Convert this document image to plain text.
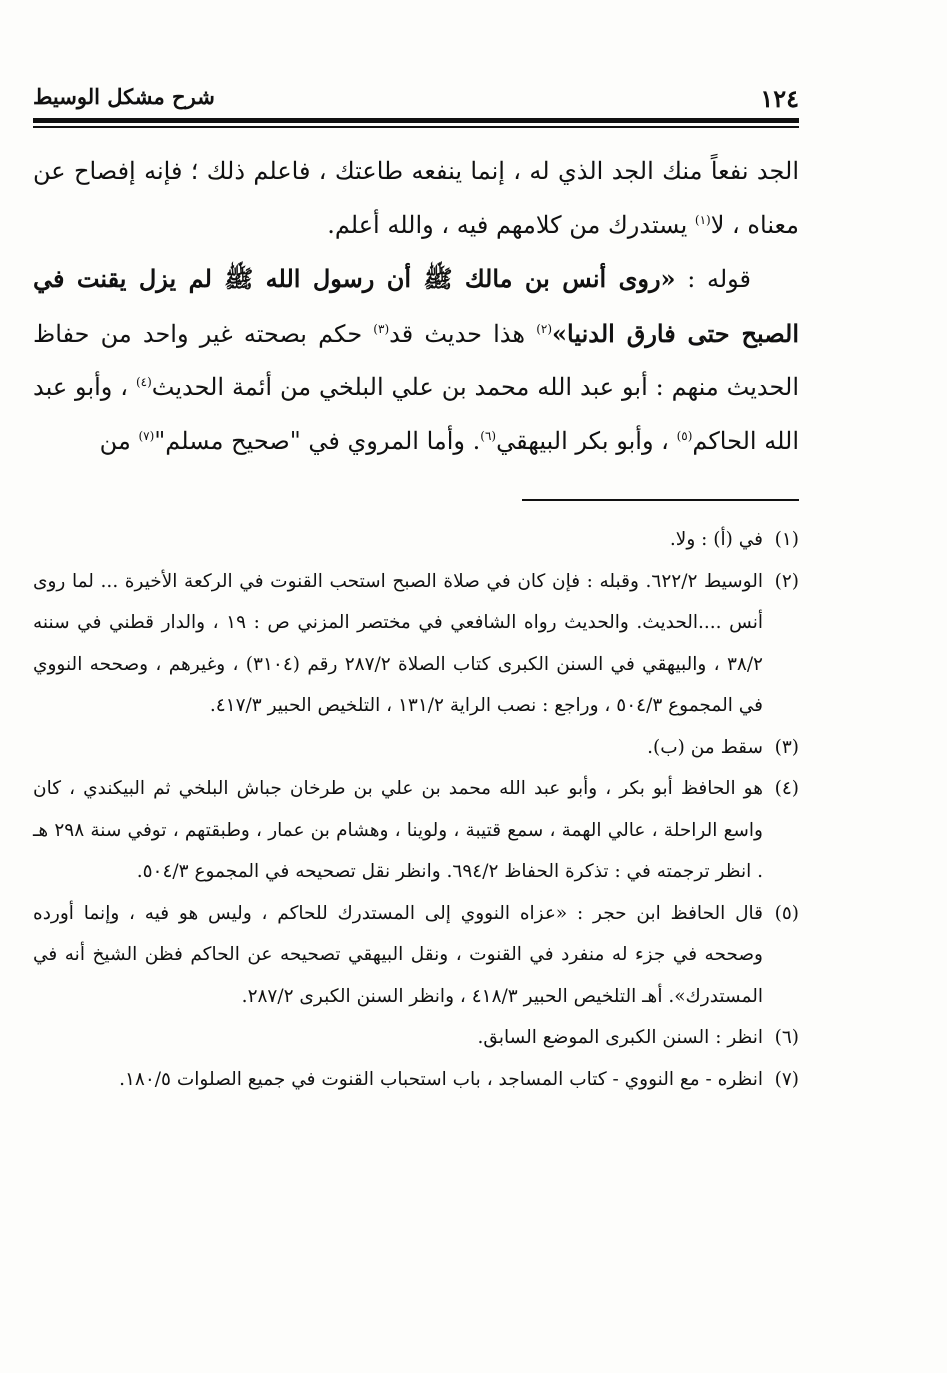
١٢٤
شرح مشكل الوسيط

الجد نفعاً منك الجد الذي له ، إنما ينفعه طاعتك ، فاعلم ذلك ؛ فإنه إفصاح عن معناه ، لا$^{(١)}$ يستدرك من كلامهم فيه ، والله أعلم.

قوله : «روى أنس بن مالك ﷺ أن رسول الله ﷺ لم يزل يقنت في الصبح حتى فارق الدنيا»$^{(٢)}$ هذا حديث قد$^{(٣)}$ حكم بصحته غير واحد من حفاظ الحديث منهم : أبو عبد الله محمد بن علي البلخي من أئمة الحديث$^{(٤)}$ ، وأبو عبد الله الحاكم$^{(٥)}$ ، وأبو بكر البيهقي$^{(٦)}$. وأما المروي في "صحيح مسلم"$^{(٧)}$ من

(١)
في (أ) : ولا.

(٢)
الوسيط ٦٢٢/٢. وقبله : فإن كان في صلاة الصبح استحب القنوت في الركعة الأخيرة ... لما روى أنس ....الحديث. والحديث رواه الشافعي في مختصر المزني ص : ١٩ ، والدار قطني في سننه ٣٨/٢ ، والبيهقي في السنن الكبرى كتاب الصلاة ٢٨٧/٢ رقم (٣١٠٤) ، وغيرهم ، وصححه النووي في المجموع ٥٠٤/٣ ، وراجع : نصب الراية ١٣١/٢ ، التلخيص الحبير ٤١٧/٣.

(٣)
سقط من (ب).

(٤)
هو الحافظ أبو بكر ، وأبو عبد الله محمد بن علي بن طرخان جباش البلخي ثم البيكندي ، كان واسع الراحلة ، عالي الهمة ، سمع قتيبة ، ولوينا ، وهشام بن عمار ، وطبقتهم ، توفي سنة ٢٩٨ هـ . انظر ترجمته في : تذكرة الحفاظ ٦٩٤/٢. وانظر نقل تصحيحه في المجموع ٥٠٤/٣.

(٥)
قال الحافظ ابن حجر : «عزاه النووي إلى المستدرك للحاكم ، وليس هو فيه ، وإنما أورده وصححه في جزء له منفرد في القنوت ، ونقل البيهقي تصحيحه عن الحاكم فظن الشيخ أنه في المستدرك». أهـ التلخيص الحبير ٤١٨/٣ ، وانظر السنن الكبرى ٢٨٧/٢.

(٦)
انظر : السنن الكبرى الموضع السابق.

(٧)
انظره - مع النووي - كتاب المساجد ، باب استحباب القنوت في جميع الصلوات ١٨٠/٥.
